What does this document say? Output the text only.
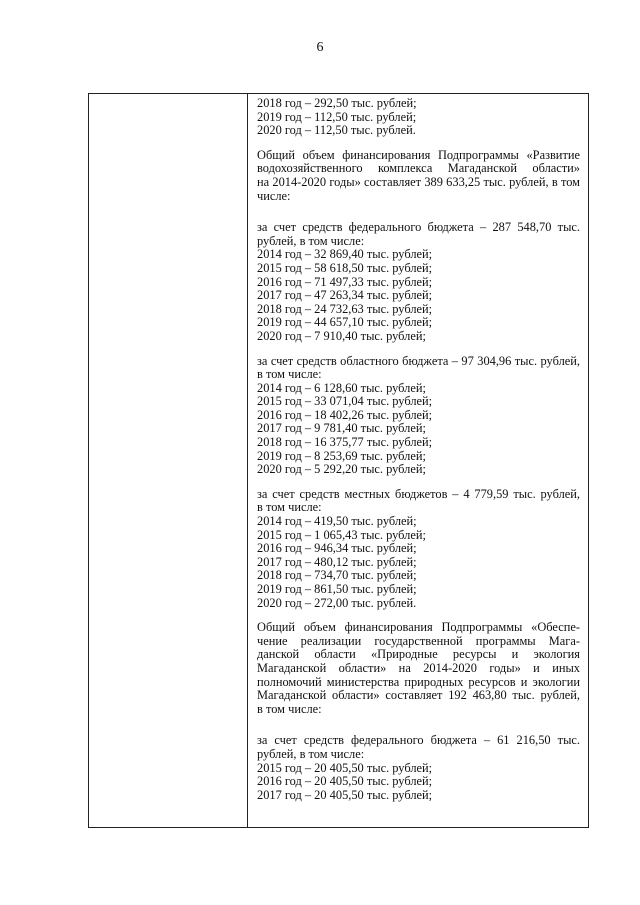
6
2018 год – 292,50 тыс. рублей;
2019 год – 112,50 тыс. рублей;
2020 год – 112,50 тыс. рублей.
Общий объем финансирования Подпрограммы «Развитие
водохозяйственного комплекса Магаданской области»
на 2014-2020 годы» составляет 389 633,25 тыс. рублей, в том
числе:
за счет средств федерального бюджета – 287 548,70 тыс.
рублей, в том числе:
2014 год – 32 869,40 тыс. рублей;
2015 год – 58 618,50 тыс. рублей;
2016 год – 71 497,33 тыс. рублей;
2017 год – 47 263,34 тыс. рублей;
2018 год – 24 732,63 тыс. рублей;
2019 год – 44 657,10 тыс. рублей;
2020 год – 7 910,40 тыс. рублей;
за счет средств областного бюджета – 97 304,96 тыс. рублей,
в том числе:
2014 год – 6 128,60 тыс. рублей;
2015 год – 33 071,04 тыс. рублей;
2016 год – 18 402,26 тыс. рублей;
2017 год – 9 781,40 тыс. рублей;
2018 год – 16 375,77 тыс. рублей;
2019 год – 8 253,69 тыс. рублей;
2020 год – 5 292,20 тыс. рублей;
за счет средств местных бюджетов – 4 779,59 тыс. рублей,
в том числе:
2014 год – 419,50 тыс. рублей;
2015 год – 1 065,43 тыс. рублей;
2016 год – 946,34 тыс. рублей;
2017 год – 480,12 тыс. рублей;
2018 год – 734,70 тыс. рублей;
2019 год – 861,50 тыс. рублей;
2020 год – 272,00 тыс. рублей.
Общий объем финансирования Подпрограммы «Обеспе-
чение реализации государственной программы Мага-
данской области «Природные ресурсы и экология
Магаданской области» на 2014-2020 годы» и иных
полномочий министерства природных ресурсов и экологии
Магаданской области» составляет 192 463,80 тыс. рублей,
в том числе:
за счет средств федерального бюджета – 61 216,50 тыс.
рублей, в том числе:
2015 год – 20 405,50 тыс. рублей;
2016 год – 20 405,50 тыс. рублей;
2017 год – 20 405,50 тыс. рублей;
